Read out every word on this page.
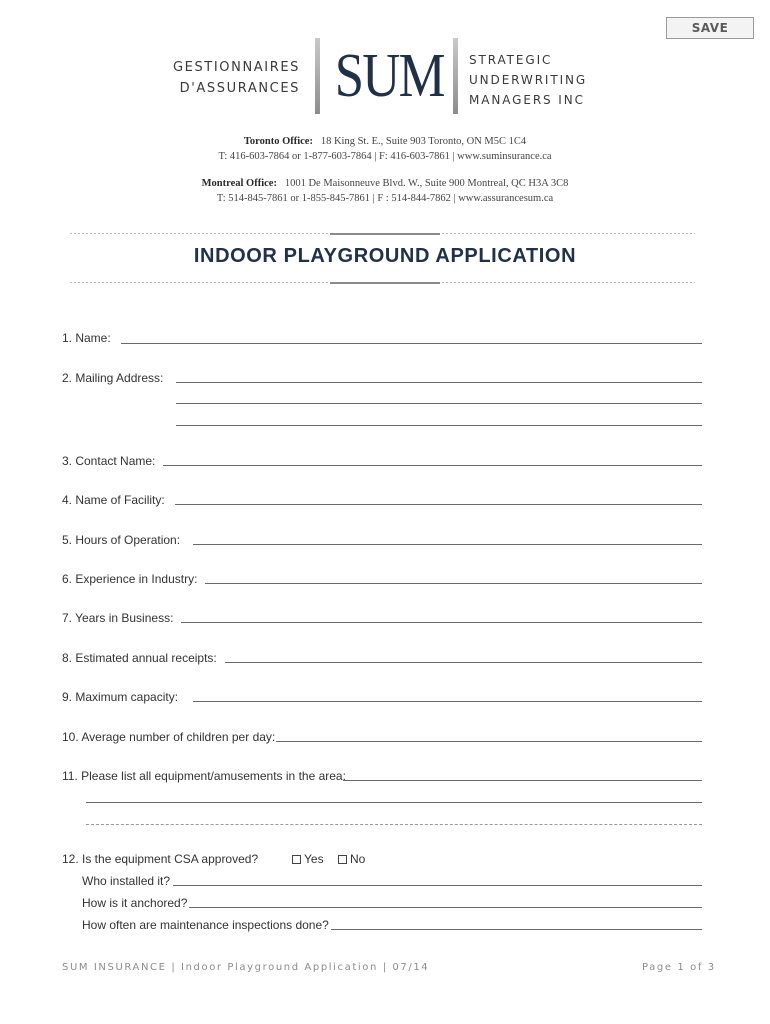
SAVE
GESTIONNAIRES
D'ASSURANCES SUM STRATEGIC
UNDERWRITING
MANAGERS INC
Toronto Office: 18 King St. E., Suite 903 Toronto, ON M5C 1C4
T: 416-603-7864 or 1-877-603-7864 | F: 416-603-7861 | www.suminsurance.ca
Montreal Office: 1001 De Maisonneuve Blvd. W., Suite 900 Montreal, QC H3A 3C8
T: 514-845-7861 or 1-855-845-7861 | F : 514-844-7862 | www.assurancesum.ca
INDOOR PLAYGROUND APPLICATION
1. Name:
2. Mailing Address:
3. Contact Name:
4. Name of Facility:
5. Hours of Operation:
6. Experience in Industry:
7. Years in Business:
8. Estimated annual receipts:
9. Maximum capacity:
10. Average number of children per day:
11. Please list all equipment/amusements in the area:
12. Is the equipment CSA approved?	Yes No
Who installed it?
How is it anchored?
How often are maintenance inspections done?
SUM INSURANCE | Indoor Playground Application | 07/14	Page 1 of 3
